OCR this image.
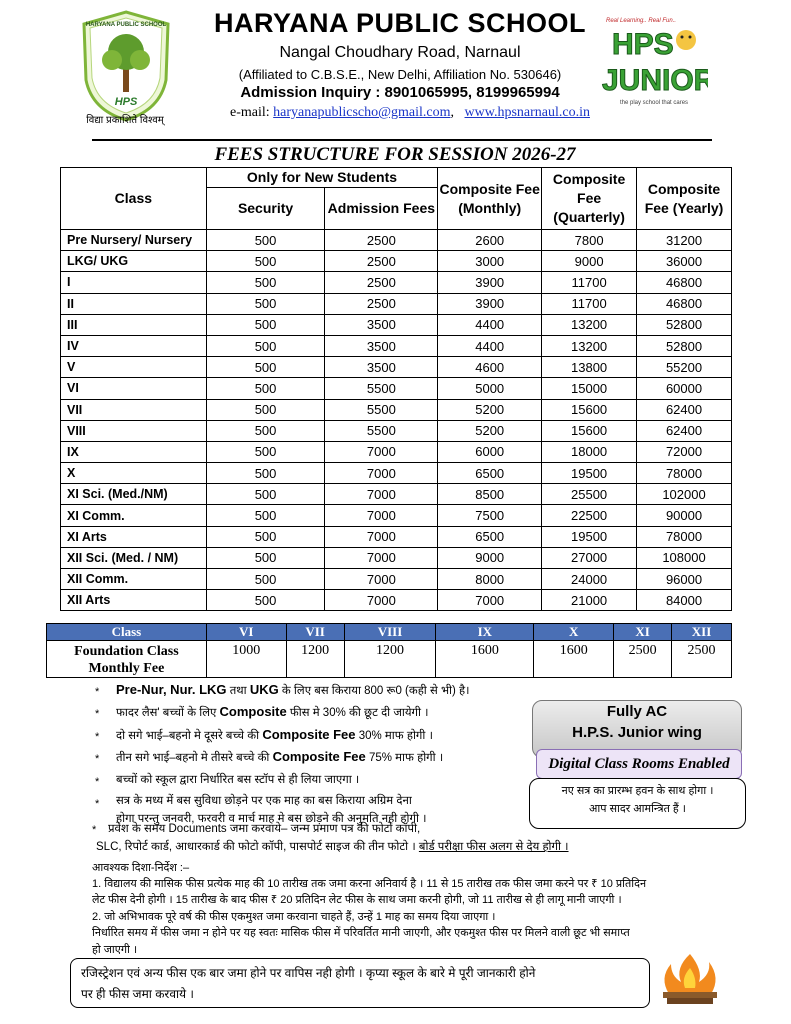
HPS
HARYANA PUBLIC SCHOOL
विद्या प्रकाशिते विश्वम्
HARYANA PUBLIC SCHOOL
Nangal Choudhary Road, Narnaul
(Affiliated to C.B.S.E., New Delhi, Affiliation No. 530646)
Admission Inquiry : 8901065995, 8199965994
e-mail: haryanapublicscho@gmail.com,   www.hpsnarnaul.co.in
Real Learning.. Real Fun..
HPS
JUNIOR
the play school that cares
FEES STRUCTURE FOR SESSION 2026-27
Class	Only for New Students		Composite Fee (Monthly)	Composite Fee (Quarterly)	Composite Fee (Yearly)
	Security	Admission Fees			
Pre Nursery/ Nursery	500	2500	2600	7800	31200
LKG/ UKG	500	2500	3000	9000	36000
I	500	2500	3900	11700	46800
II	500	2500	3900	11700	46800
III	500	3500	4400	13200	52800
IV	500	3500	4400	13200	52800
V	500	3500	4600	13800	55200
VI	500	5500	5000	15000	60000
VII	500	5500	5200	15600	62400
VIII	500	5500	5200	15600	62400
IX	500	7000	6000	18000	72000
X	500	7000	6500	19500	78000
XI Sci. (Med./NM)	500	7000	8500	25500	102000
XI Comm.	500	7000	7500	22500	90000
XI Arts	500	7000	6500	19500	78000
XII Sci. (Med. / NM)	500	7000	9000	27000	108000
XII Comm.	500	7000	8000	24000	96000
XII Arts	500	7000	7000	21000	84000
Class	VI	VII	VIII	IX	X	XI	XII
Foundation Class Monthly Fee	1000	1200	1200	1600	1600	2500	2500
* Pre-Nur, Nur. LKG तथा UKG के लिए बस किराया 800 रू0 (कही से भी) है।
* फादर लैस' बच्चों के लिए Composite फीस मे 30% की छूट दी जायेगी ।
* दो सगे भाई–बहनो मे दूसरे बच्चे की Composite Fee 30% माफ होगी ।
* तीन सगे भाई–बहनो मे तीसरे बच्चे की Composite Fee 75% माफ होगी ।
* बच्चों को स्कूल द्वारा निर्धारित बस स्टॉप से ही लिया जाएगा ।
* सत्र के मध्य में बस सुविधा छोड़ने पर एक माह का बस किराया अग्रिम देना
होगा परन्तु जनवरी, फरवरी व मार्च माह मे बस छोड़ने की अनुमति नही होगी ।
* प्रवेश के समय Documents जमा करवाये– जन्म प्रमाण पत्र की फोटो कॉपी,
SLC, रिपोर्ट कार्ड, आधारकार्ड की फोटो कॉपी, पासपोर्ट साइज की तीन फोटो । बोर्ड परीक्षा फीस अलग से देय होगी ।
Fully AC
H.P.S. Junior wing
Digital Class Rooms Enabled
नए सत्र का प्रारम्भ हवन के साथ होगा ।
आप सादर आमन्त्रित हैं ।
आवश्यक दिशा-निर्देश :–
1. विद्यालय की मासिक फीस प्रत्येक माह की 10 तारीख तक जमा करना अनिवार्य है । 11 से 15 तारीख तक फीस जमा करने पर ₹ 10 प्रतिदिन
लेट फीस देनी होगी । 15 तारीख के बाद फीस ₹ 20 प्रतिदिन लेट फीस के साथ जमा करनी होगी, जो 11 तारीख से ही लागू मानी जाएगी ।
2. जो अभिभावक पूरे वर्ष की फीस एकमुश्त जमा करवाना चाहते हैं, उन्हें 1 माह का समय दिया जाएगा ।
निर्धारित समय में फीस जमा न होने पर यह स्वतः मासिक फीस में परिवर्तित मानी जाएगी, और एकमुश्त फीस पर मिलने वाली छूट भी समाप्त
हो जाएगी ।
रजिस्ट्रेशन एवं अन्य फीस एक बार जमा होने पर वापिस नही होगी । कृप्या स्कूल के बारे मे पूरी जानकारी होने
पर ही फीस जमा करवाये ।
